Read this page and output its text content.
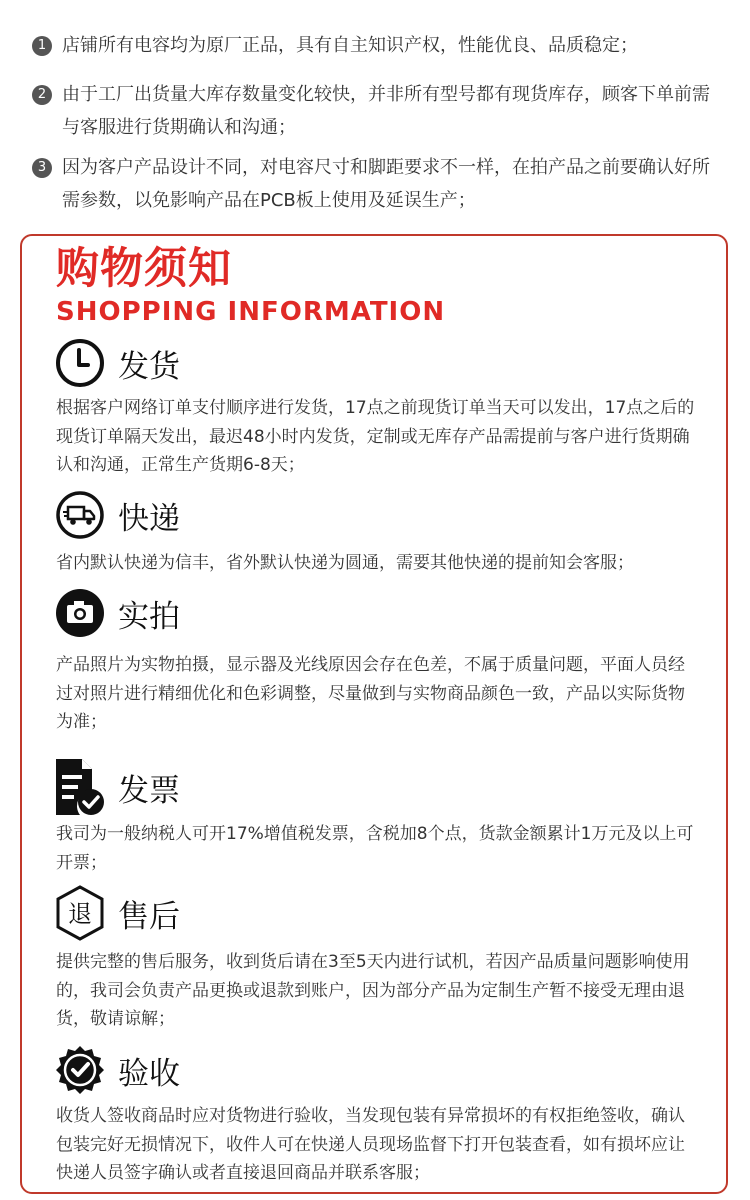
1 店铺所有电容均为原厂正品，具有自主知识产权，性能优良、品质稳定；
2 由于工厂出货量大库存数量变化较快，并非所有型号都有现货库存，顾客下单前需与客服进行货期确认和沟通；
3 因为客户产品设计不同，对电容尺寸和脚距要求不一样，在拍产品之前要确认好所需参数，以免影响产品在PCB板上使用及延误生产；
购物须知
SHOPPING INFORMATION
发货
根据客户网络订单支付顺序进行发货，17点之前现货订单当天可以发出，17点之后的现货订单隔天发出，最迟48小时内发货，定制或无库存产品需提前与客户进行货期确认和沟通，正常生产货期6-8天；
快递
省内默认快递为信丰，省外默认快递为圆通，需要其他快递的提前知会客服；
实拍
产品照片为实物拍摄，显示器及光线原因会存在色差，不属于质量问题，平面人员经过对照片进行精细优化和色彩调整，尽量做到与实物商品颜色一致，产品以实际货物为准；
发票
我司为一般纳税人可开17%增值税发票，含税加8个点，货款金额累计1万元及以上可开票；
退 售后
提供完整的售后服务，收到货后请在3至5天内进行试机，若因产品质量问题影响使用的，我司会负责产品更换或退款到账户，因为部分产品为定制生产暂不接受无理由退货，敬请谅解；
验收
收货人签收商品时应对货物进行验收，当发现包装有异常损坏的有权拒绝签收，确认包装完好无损情况下，收件人可在快递人员现场监督下打开包装查看，如有损坏应让快递人员签字确认或者直接退回商品并联系客服；
